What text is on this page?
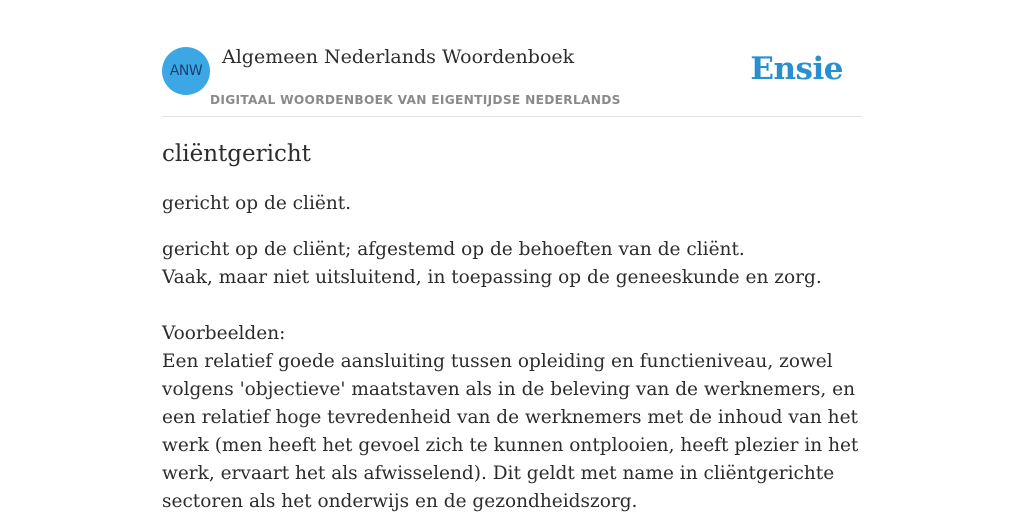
ANW
Algemeen Nederlands Woordenboek
DIGITAAL WOORDENBOEK VAN EIGENTIJDSE NEDERLANDS
Ensie
cliëntgericht

gericht op de cliënt.

gericht op de cliënt; afgestemd op de behoeften van de cliënt.
Vaak, maar niet uitsluitend, in toepassing op de geneeskunde en zorg.

Voorbeelden:
Een relatief goede aansluiting tussen opleiding en functieniveau, zowel volgens 'objectieve' maatstaven als in de beleving van de werknemers, en een relatief hoge tevredenheid van de werknemers met de inhoud van het werk (men heeft het gevoel zich te kunnen ontplooien, heeft plezier in het werk, ervaart het als afwisselend). Dit geldt met name in cliëntgerichte sectoren als het onderwijs en de gezondheidszorg.
